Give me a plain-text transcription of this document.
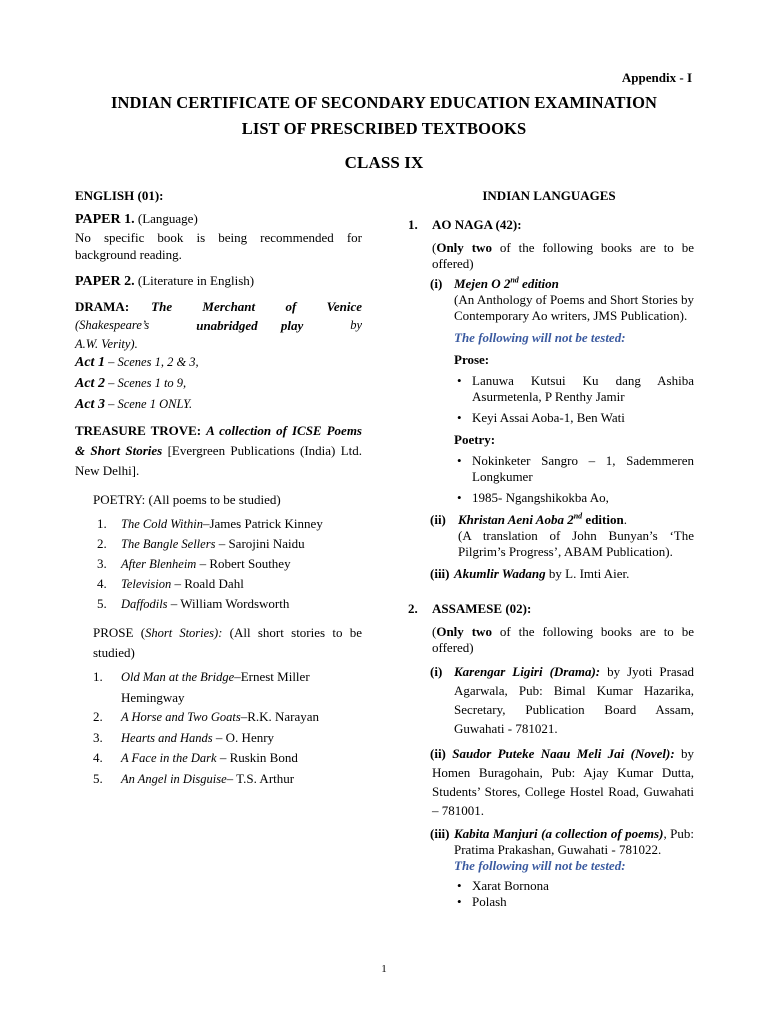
Appendix - I
INDIAN CERTIFICATE OF SECONDARY EDUCATION EXAMINATION
LIST OF PRESCRIBED TEXTBOOKS
CLASS IX
ENGLISH (01):
PAPER 1. (Language)
No specific book is being recommended for background reading.
PAPER 2. (Literature in English)
DRAMA: The Merchant of Venice
(Shakespeare’s	unabridged play	by
A.W. Verity).
Act 1 – Scenes 1, 2 & 3,
Act 2 – Scenes 1 to 9,
Act 3 – Scene 1 ONLY.
TREASURE TROVE: A collection of ICSE Poems & Short Stories [Evergreen Publications (India) Ltd. New Delhi].
POETRY: (All poems to be studied)
1. The Cold Within–James Patrick Kinney
2. The Bangle Sellers – Sarojini Naidu
3. After Blenheim – Robert Southey
4. Television – Roald Dahl
5. Daffodils – William Wordsworth
PROSE (Short Stories): (All short stories to be studied)
1. Old Man at the Bridge–Ernest Miller Hemingway
2. A Horse and Two Goats–R.K. Narayan
3. Hearts and Hands – O. Henry
4. A Face in the Dark – Ruskin Bond
5. An Angel in Disguise– T.S. Arthur
INDIAN LANGUAGES
1. AO NAGA (42):
(Only two of the following books are to be offered)
(i) Mejen O 2nd edition
(An Anthology of Poems and Short Stories by Contemporary Ao writers, JMS Publication).
The following will not be tested:
Prose:
• Lanuwa Kutsui Ku dang Ashiba Asurmetenla, P Renthy Jamir
• Keyi Assai Aoba-1, Ben Wati
Poetry:
• Nokinketer Sangro – 1, Sademmeren Longkumer
• 1985- Ngangshikokba Ao,
(ii) Khristan Aeni Aoba 2nd edition.
(A translation of John Bunyan’s ‘The Pilgrim’s Progress’, ABAM Publication).
(iii) Akumlir Wadang by L. Imti Aier.
2. ASSAMESE (02):
(Only two of the following books are to be offered)
(i) Karengar Ligiri (Drama): by Jyoti Prasad Agarwala, Pub: Bimal Kumar Hazarika, Secretary, Publication Board Assam, Guwahati - 781021.
(ii) Saudor Puteke Naau Meli Jai (Novel): by Homen Buragohain, Pub: Ajay Kumar Dutta, Students’ Stores, College Hostel Road, Guwahati – 781001.
(iii) Kabita Manjuri (a collection of poems), Pub: Pratima Prakashan, Guwahati - 781022.
The following will not be tested:
• Xarat Bornona
• Polash
1
